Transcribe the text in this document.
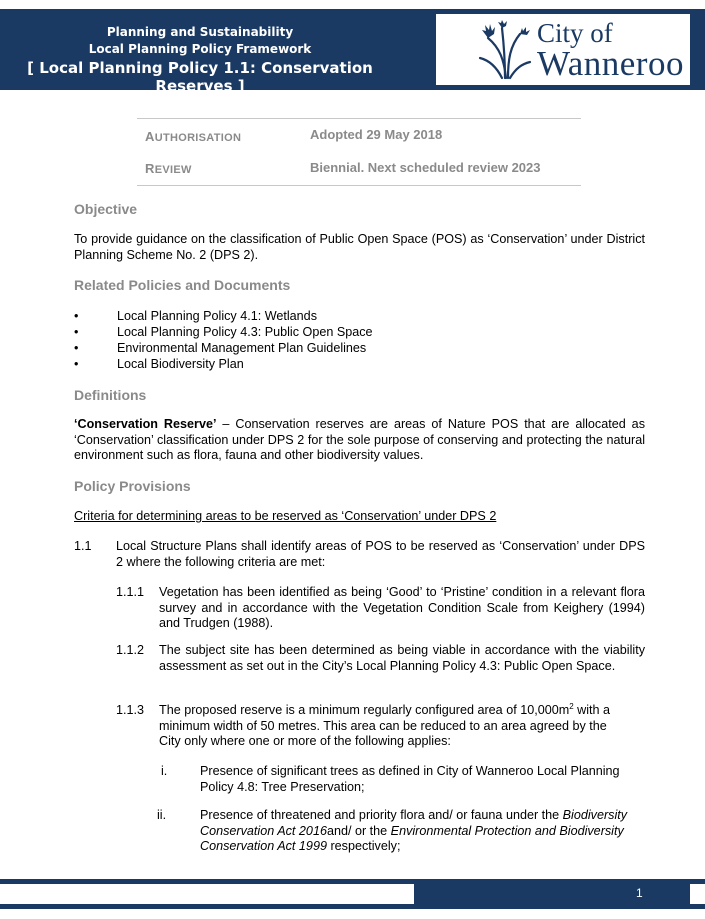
Planning and Sustainability
Local Planning Policy Framework
[ Local Planning Policy 1.1: Conservation Reserves ]
City of
Wanneroo
AUTHORISATION	Adopted 29 May 2018
REVIEW	Biennial. Next scheduled review 2023
Objective
To provide guidance on the classification of Public Open Space (POS) as ‘Conservation’ under District Planning Scheme No. 2 (DPS 2).
Related Policies and Documents
•	Local Planning Policy 4.1: Wetlands
•	Local Planning Policy 4.3: Public Open Space
•	Environmental Management Plan Guidelines
•	Local Biodiversity Plan
Definitions
‘Conservation Reserve’ – Conservation reserves are areas of Nature POS that are allocated as ‘Conservation’ classification under DPS 2 for the sole purpose of conserving and protecting the natural environment such as flora, fauna and other biodiversity values.
Policy Provisions
Criteria for determining areas to be reserved as ‘Conservation’ under DPS 2
1.1 Local Structure Plans shall identify areas of POS to be reserved as ‘Conservation’ under DPS 2 where the following criteria are met:
1.1.1 Vegetation has been identified as being ‘Good’ to ‘Pristine’ condition in a relevant flora survey and in accordance with the Vegetation Condition Scale from Keighery (1994) and Trudgen (1988).
1.1.2 The subject site has been determined as being viable in accordance with the viability assessment as set out in the City’s Local Planning Policy 4.3: Public Open Space.
1.1.3 The proposed reserve is a minimum regularly configured area of $10,000m^2$ with a minimum width of 50 metres. This area can be reduced to an area agreed by the City only where one or more of the following applies:
i.	Presence of significant trees as defined in City of Wanneroo Local Planning Policy 4.8: Tree Preservation;
ii.	Presence of threatened and priority flora and/ or fauna under the Biodiversity Conservation Act 2016and/ or the Environmental Protection and Biodiversity Conservation Act 1999 respectively;
1
